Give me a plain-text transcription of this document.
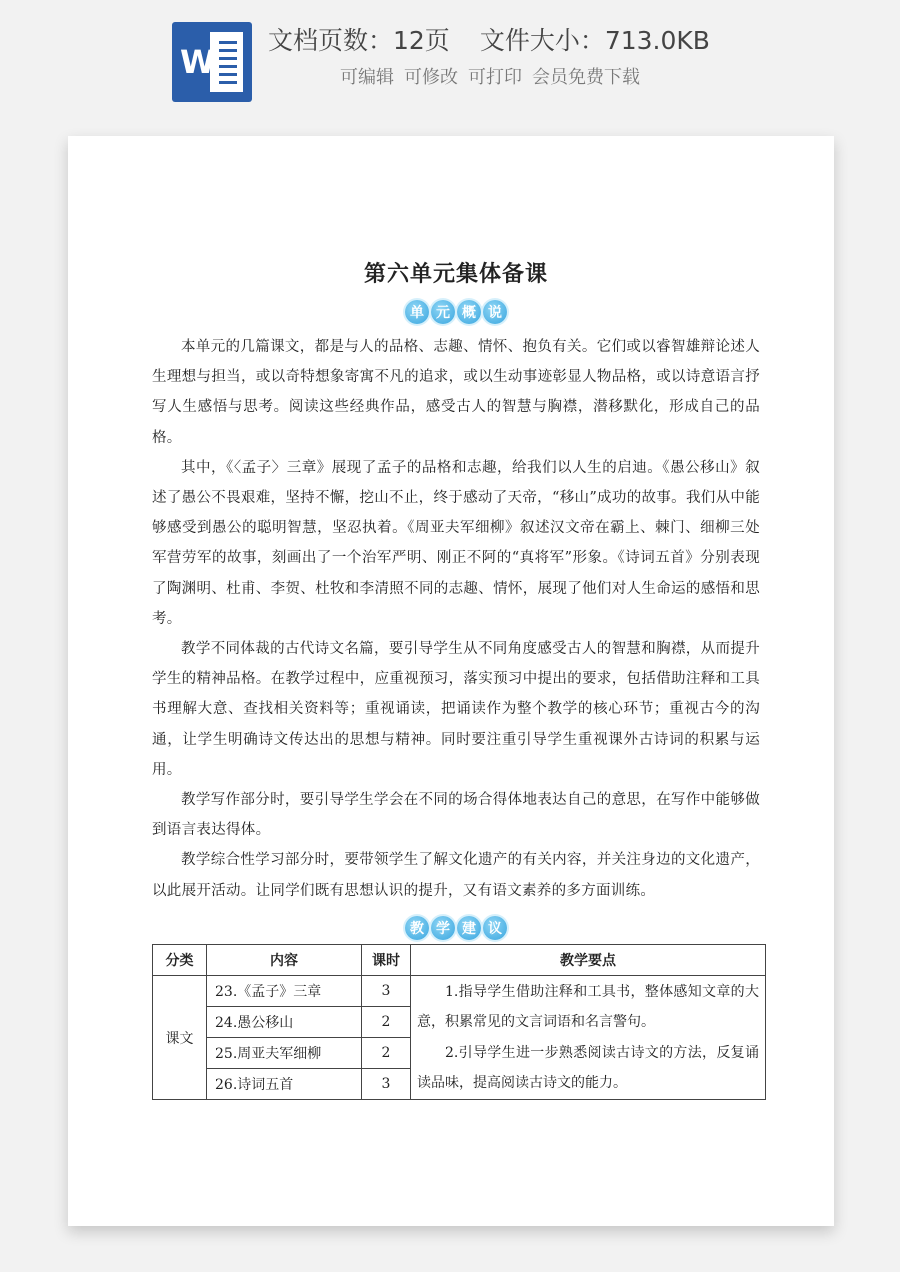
W
文档页数：12页 文件大小：713.0KB
可编辑 可修改 可打印 会员免费下载
第六单元集体备课
单 元 概 说

本单元的几篇课文，都是与人的品格、志趣、情怀、抱负有关。它们或以睿智雄辩论述人生理想与担当，或以奇特想象寄寓不凡的追求，或以生动事迹彰显人物品格，或以诗意语言抒写人生感悟与思考。阅读这些经典作品，感受古人的智慧与胸襟，潜移默化，形成自己的品格。

其中，《〈孟子〉三章》展现了孟子的品格和志趣，给我们以人生的启迪。《愚公移山》叙述了愚公不畏艰难，坚持不懈，挖山不止，终于感动了天帝，“移山”成功的故事。我们从中能够感受到愚公的聪明智慧，坚忍执着。《周亚夫军细柳》叙述汉文帝在霸上、棘门、细柳三处军营劳军的故事，刻画出了一个治军严明、刚正不阿的“真将军”形象。《诗词五首》分别表现了陶渊明、杜甫、李贺、杜牧和李清照不同的志趣、情怀，展现了他们对人生命运的感悟和思考。

教学不同体裁的古代诗文名篇，要引导学生从不同角度感受古人的智慧和胸襟，从而提升学生的精神品格。在教学过程中，应重视预习，落实预习中提出的要求，包括借助注释和工具书理解大意、查找相关资料等；重视诵读，把诵读作为整个教学的核心环节；重视古今的沟通，让学生明确诗文传达出的思想与精神。同时要注重引导学生重视课外古诗词的积累与运用。

教学写作部分时，要引导学生学会在不同的场合得体地表达自己的意思，在写作中能够做到语言表达得体。

教学综合性学习部分时，要带领学生了解文化遗产的有关内容，并关注身边的文化遗产，以此展开活动。让同学们既有思想认识的提升，又有语文素养的多方面训练。

教 学 建 议
分类	内容	课时	教学要点
课文	23.《孟子》三章	3	1.指导学生借助注释和工具书，整体感知文章的大意，积累常见的文言词语和名言警句。

2.引导学生进一步熟悉阅读古诗文的方法，反复诵读品味，提高阅读古诗文的能力。

	24.愚公移山	2	
	25.周亚夫军细柳	2	
	26.诗词五首	3	
